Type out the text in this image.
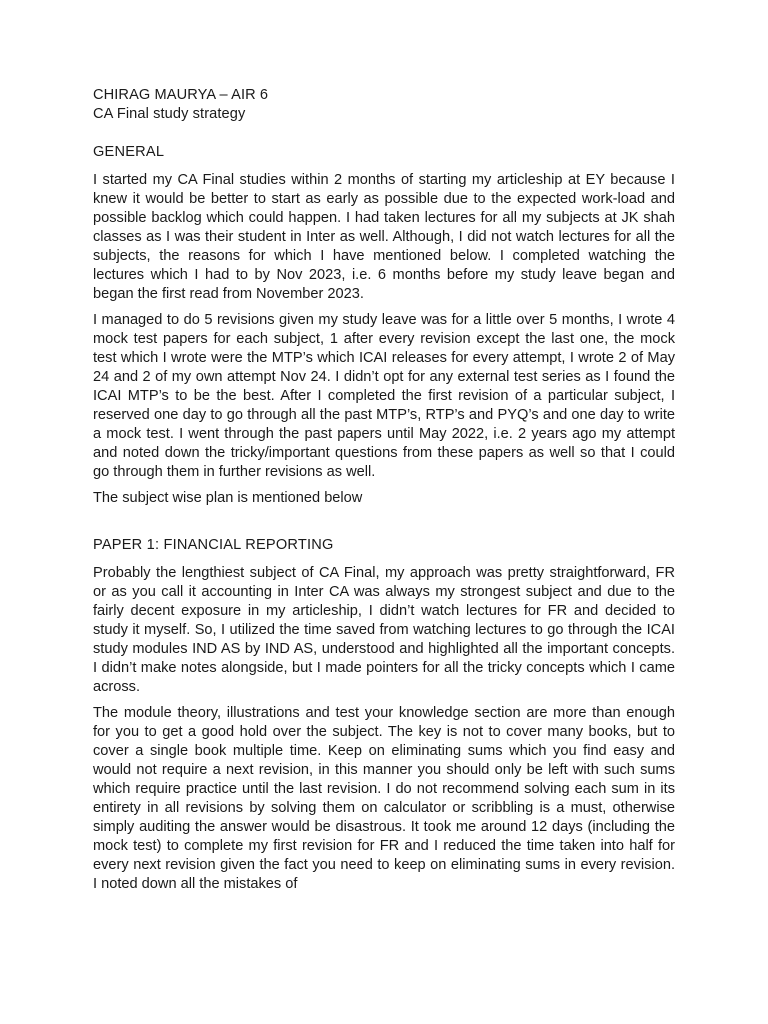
CHIRAG MAURYA – AIR 6

CA Final study strategy

GENERAL

I started my CA Final studies within 2 months of starting my articleship at EY because I knew it would be better to start as early as possible due to the expected work-load and possible backlog which could happen. I had taken lectures for all my subjects at JK shah classes as I was their student in Inter as well. Although, I did not watch lectures for all the subjects, the reasons for which I have mentioned below. I completed watching the lectures which I had to by Nov 2023, i.e. 6 months before my study leave began and began the first read from November 2023.

I managed to do 5 revisions given my study leave was for a little over 5 months, I wrote 4 mock test papers for each subject, 1 after every revision except the last one, the mock test which I wrote were the MTP’s which ICAI releases for every attempt, I wrote 2 of May 24 and 2 of my own attempt Nov 24. I didn’t opt for any external test series as I found the ICAI MTP’s to be the best. After I completed the first revision of a particular subject, I reserved one day to go through all the past MTP’s, RTP’s and PYQ’s and one day to write a mock test. I went through the past papers until May 2022, i.e. 2 years ago my attempt and noted down the tricky/important questions from these papers as well so that I could go through them in further revisions as well.

The subject wise plan is mentioned below

PAPER 1: FINANCIAL REPORTING

Probably the lengthiest subject of CA Final, my approach was pretty straightforward, FR or as you call it accounting in Inter CA was always my strongest subject and due to the fairly decent exposure in my articleship, I didn’t watch lectures for FR and decided to study it myself. So, I utilized the time saved from watching lectures to go through the ICAI study modules IND AS by IND AS, understood and highlighted all the important concepts. I didn’t make notes alongside, but I made pointers for all the tricky concepts which I came across.

The module theory, illustrations and test your knowledge section are more than enough for you to get a good hold over the subject. The key is not to cover many books, but to cover a single book multiple time. Keep on eliminating sums which you find easy and would not require a next revision, in this manner you should only be left with such sums which require practice until the last revision. I do not recommend solving each sum in its entirety in all revisions by solving them on calculator or scribbling is a must, otherwise simply auditing the answer would be disastrous. It took me around 12 days (including the mock test) to complete my first revision for FR and I reduced the time taken into half for every next revision given the fact you need to keep on eliminating sums in every revision. I noted down all the mistakes of
